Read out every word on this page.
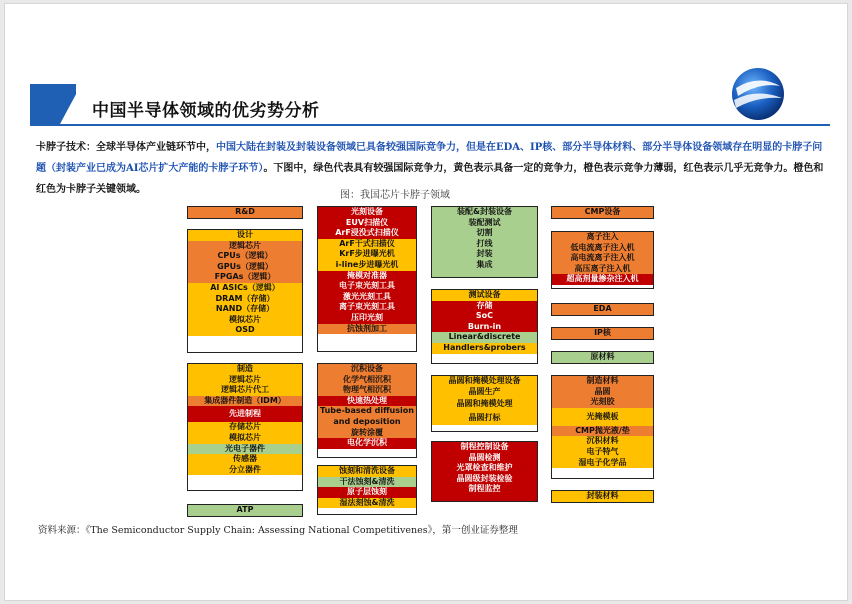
中国半导体领域的优劣势分析
卡脖子技术：全球半导体产业链环节中，中国大陆在封装及封装设备领域已具备较强国际竞争力，但是在EDA、IP核、部分半导体材料、部分半导体设备领域存在明显的卡脖子问题（封装产业已成为AI芯片扩大产能的卡脖子环节）。下图中，绿色代表具有较强国际竞争力，黄色表示具备一定的竞争力，橙色表示竞争力薄弱，红色表示几乎无竞争力。橙色和红色为卡脖子关键领域。
图：我国芯片卡脖子领域
R&D
设计
逻辑芯片
CPUs（逻辑）
GPUs（逻辑）
FPGAs（逻辑）
AI ASICs（逻辑）
DRAM（存储）
NAND（存储）
模拟芯片
OSD
制造
逻辑芯片
逻辑芯片代工
集成器件制造（IDM）
先进制程
存储芯片
模拟芯片
光电子器件
传感器
分立器件
ATP
光刻设备
EUV扫描仪
ArF浸没式扫描仪
ArF干式扫描仪
KrF步进曝光机
i-line步进曝光机
掩模对准器
电子束光刻工具
激光光刻工具
离子束光刻工具
压印光刻
抗蚀剂加工
沉积设备
化学气相沉积
物理气相沉积
快速热处理
Tube-based diffusion
and deposition
旋转涂覆
电化学沉积
蚀刻和清洗设备
干法蚀刻&清洗
原子层蚀刻
湿法刻蚀&清洗
装配&封装设备
装配测试
切割
打线
封装
集成
测试设备
存储
SoC
Burn-in
Linear&discrete
Handlers&probers
晶圆和掩模处理设备
晶圆生产
晶圆和掩模处理
晶圆打标
制程控制设备
晶圆检测
光罩检查和维护
晶圆级封装检验
制程监控
CMP设备
离子注入
低电流离子注入机
高电流离子注入机
高压离子注入机
超高剂量掺杂注入机
EDA
IP核
原材料
制造材料
晶圆
光刻胶
光掩模板
CMP抛光液/垫
沉积材料
电子特气
湿电子化学品
封装材料
资料来源：《The Semiconductor Supply Chain: Assessing National Competitivenes》，第一创业证券整理
